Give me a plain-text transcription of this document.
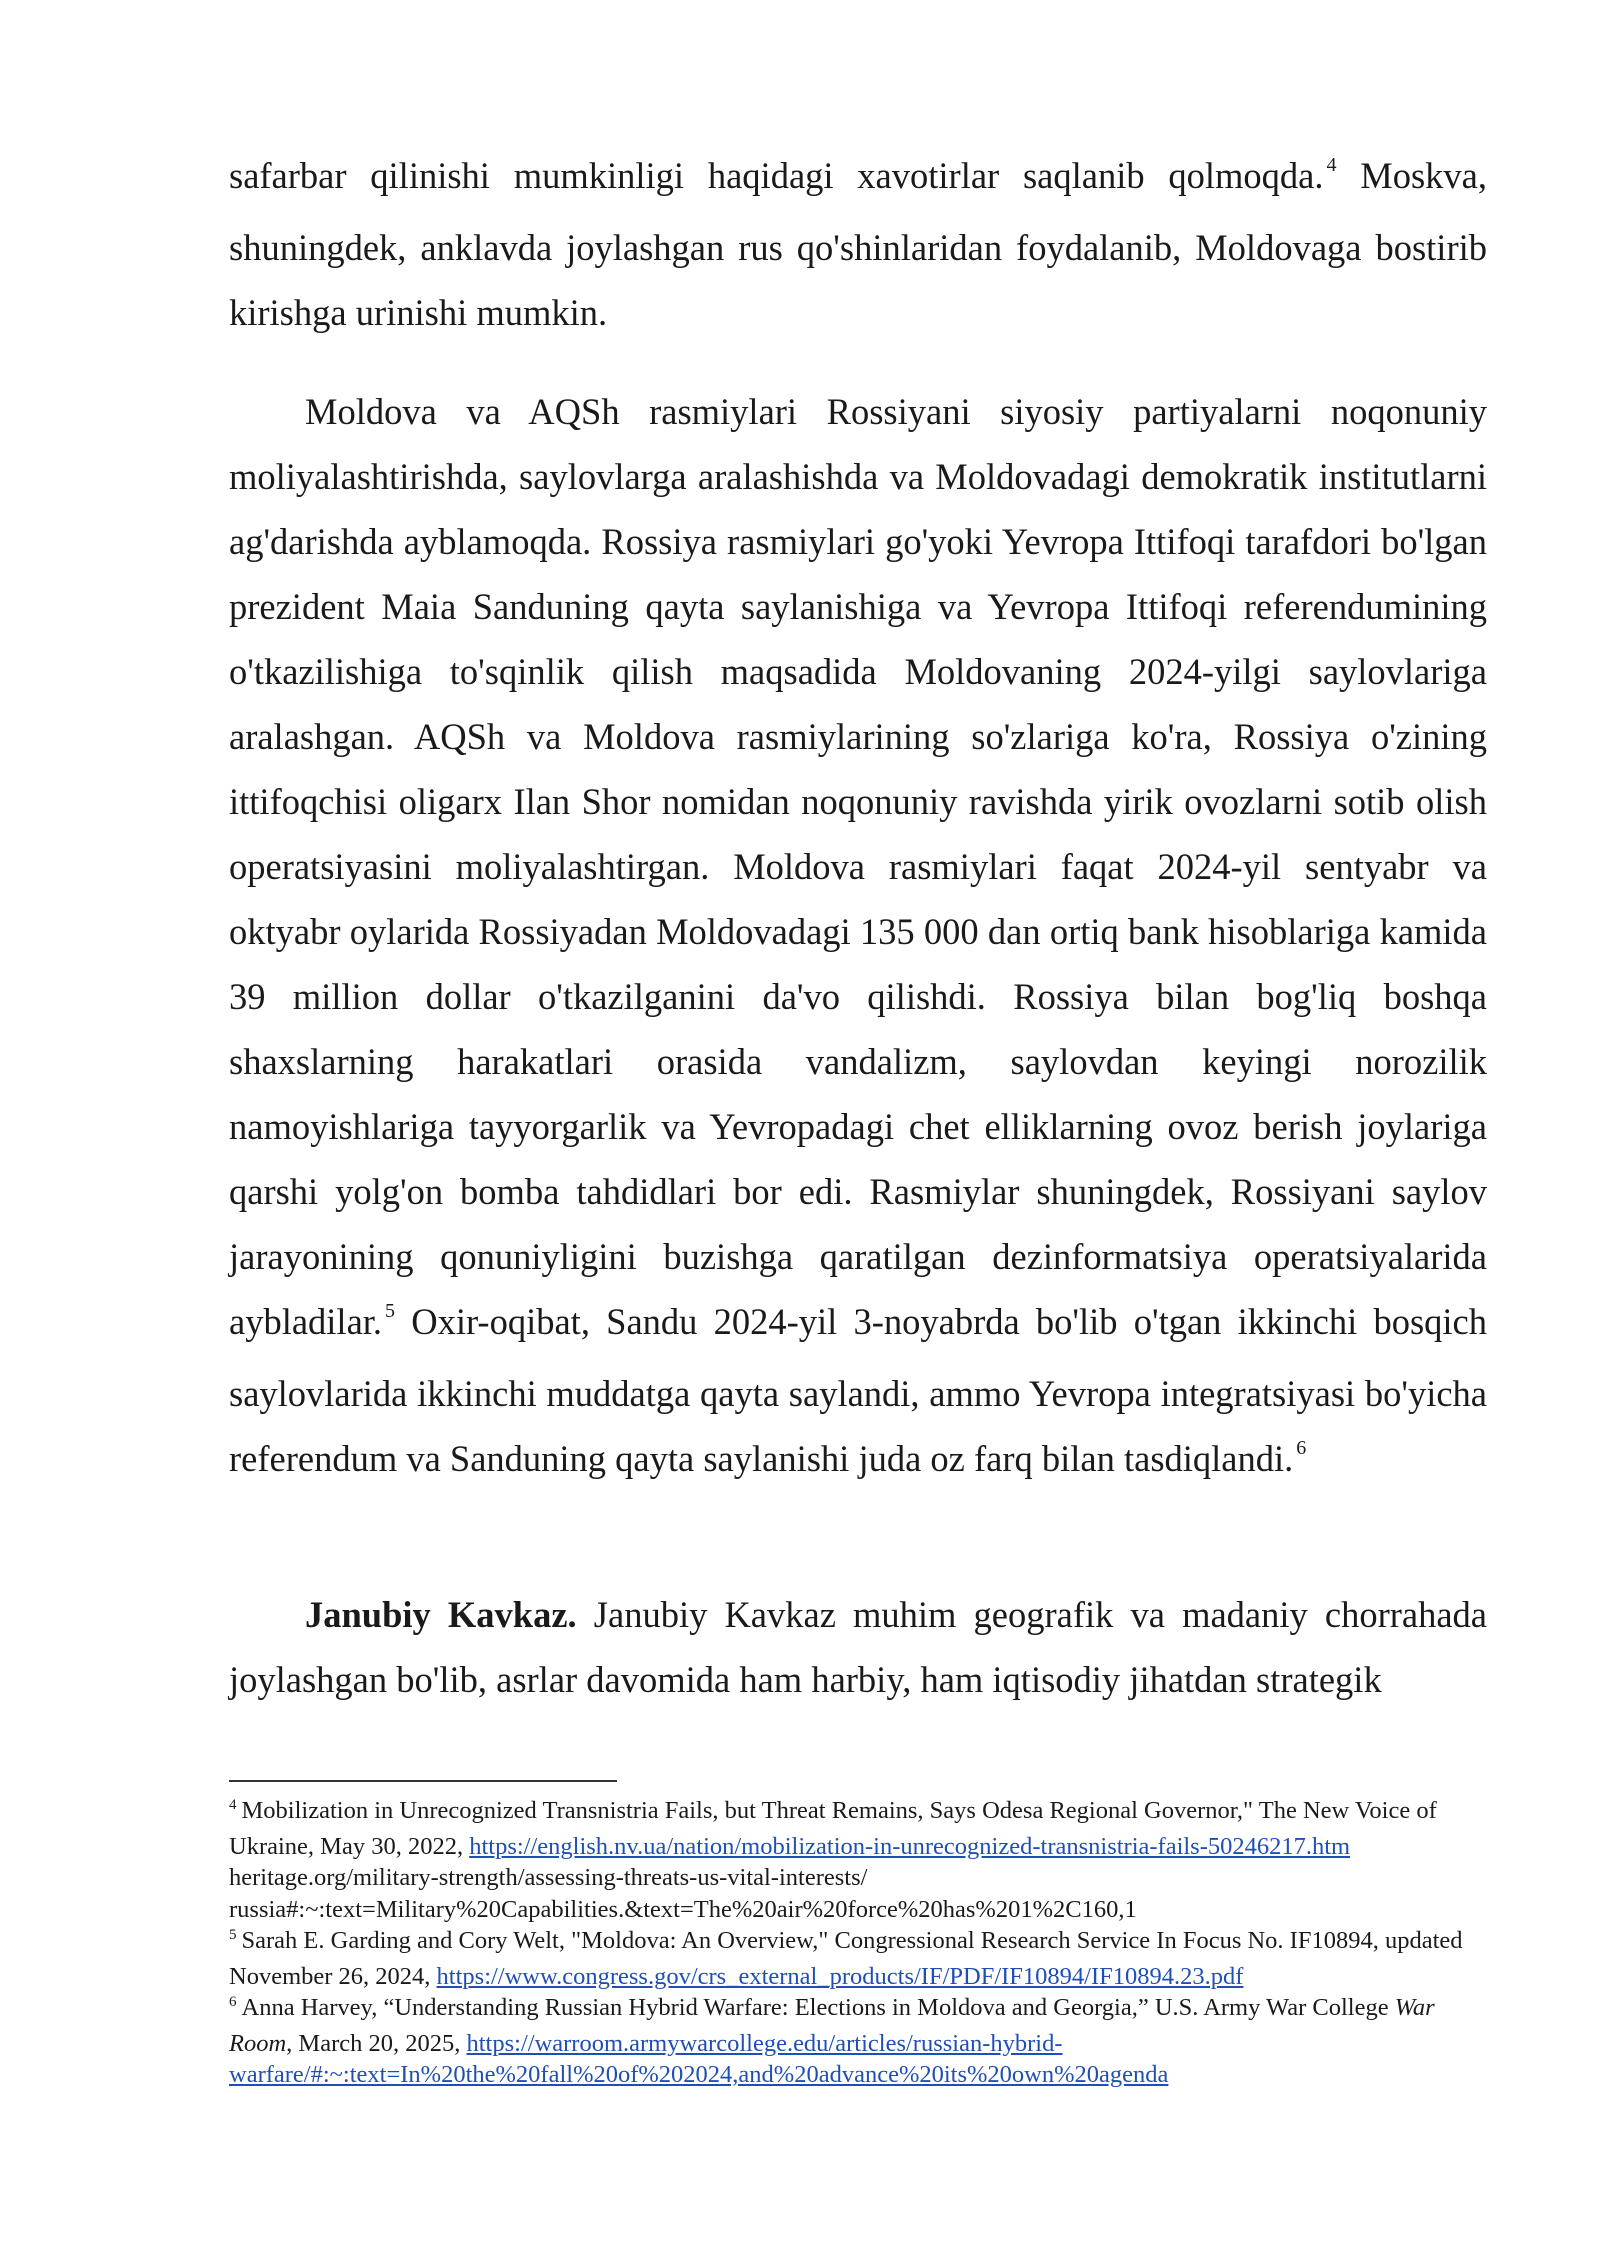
safarbar qilinishi mumkinligi haqidagi xavotirlar saqlanib qolmoqda. $^4$ Moskva, shuningdek, anklavda joylashgan rus qo'shinlaridan foydalanib, Moldovaga bostirib kirishga urinishi mumkin.

Moldova va AQSh rasmiylari Rossiyani siyosiy partiyalarni noqonuniy moliyalashtirishda, saylovlarga aralashishda va Moldovadagi demokratik institutlarni ag'darishda ayblamoqda. Rossiya rasmiylari go'yoki Yevropa Ittifoqi tarafdori bo'lgan prezident Maia Sanduning qayta saylanishiga va Yevropa Ittifoqi referendumining o'tkazilishiga to'sqinlik qilish maqsadida Moldovaning 2024-yilgi saylovlariga aralashgan. AQSh va Moldova rasmiylarining so'zlariga ko'ra, Rossiya o'zining ittifoqchisi oligarx Ilan Shor nomidan noqonuniy ravishda yirik ovozlarni sotib olish operatsiyasini moliyalashtirgan. Moldova rasmiylari faqat 2024-yil sentyabr va oktyabr oylarida Rossiyadan Moldovadagi 135 000 dan ortiq bank hisoblariga kamida 39 million dollar o'tkazilganini da'vo qilishdi. Rossiya bilan bog'liq boshqa shaxslarning harakatlari orasida vandalizm, saylovdan keyingi norozilik namoyishlariga tayyorgarlik va Yevropadagi chet elliklarning ovoz berish joylariga qarshi yolg'on bomba tahdidlari bor edi. Rasmiylar shuningdek, Rossiyani saylov jarayonining qonuniyligini buzishga qaratilgan dezinformatsiya operatsiyalarida aybladilar. $^5$ Oxir-oqibat, Sandu 2024-yil 3-noyabrda bo'lib o'tgan ikkinchi bosqich saylovlarida ikkinchi muddatga qayta saylandi, ammo Yevropa integratsiyasi bo'yicha referendum va Sanduning qayta saylanishi juda oz farq bilan tasdiqlandi. $^6$

Janubiy Kavkaz. Janubiy Kavkaz muhim geografik va madaniy chorrahada joylashgan bo'lib, asrlar davomida ham harbiy, ham iqtisodiy jihatdan strategik

$^4$ Mobilization in Unrecognized Transnistria Fails, but Threat Remains, Says Odesa Regional Governor," The New Voice of Ukraine, May 30, 2022, https://english.nv.ua/nation/mobilization-in-unrecognized-transnistria-fails-50246217.htm heritage.org/military-strength/assessing-threats-us-vital-interests/ russia#:~:text=Military%20Capabilities.&text=The%20air%20force%20has%201%2C160,1

$^5$ Sarah E. Garding and Cory Welt, "Moldova: An Overview," Congressional Research Service In Focus No. IF10894, updated November 26, 2024, https://www.congress.gov/crs_external_products/IF/PDF/IF10894/IF10894.23.pdf

$^6$ Anna Harvey, “Understanding Russian Hybrid Warfare: Elections in Moldova and Georgia,” U.S. Army War College War Room, March 20, 2025, https://warroom.armywarcollege.edu/articles/russian-hybrid-warfare/#:~:text=In%20the%20fall%20of%202024,and%20advance%20its%20own%20agenda
